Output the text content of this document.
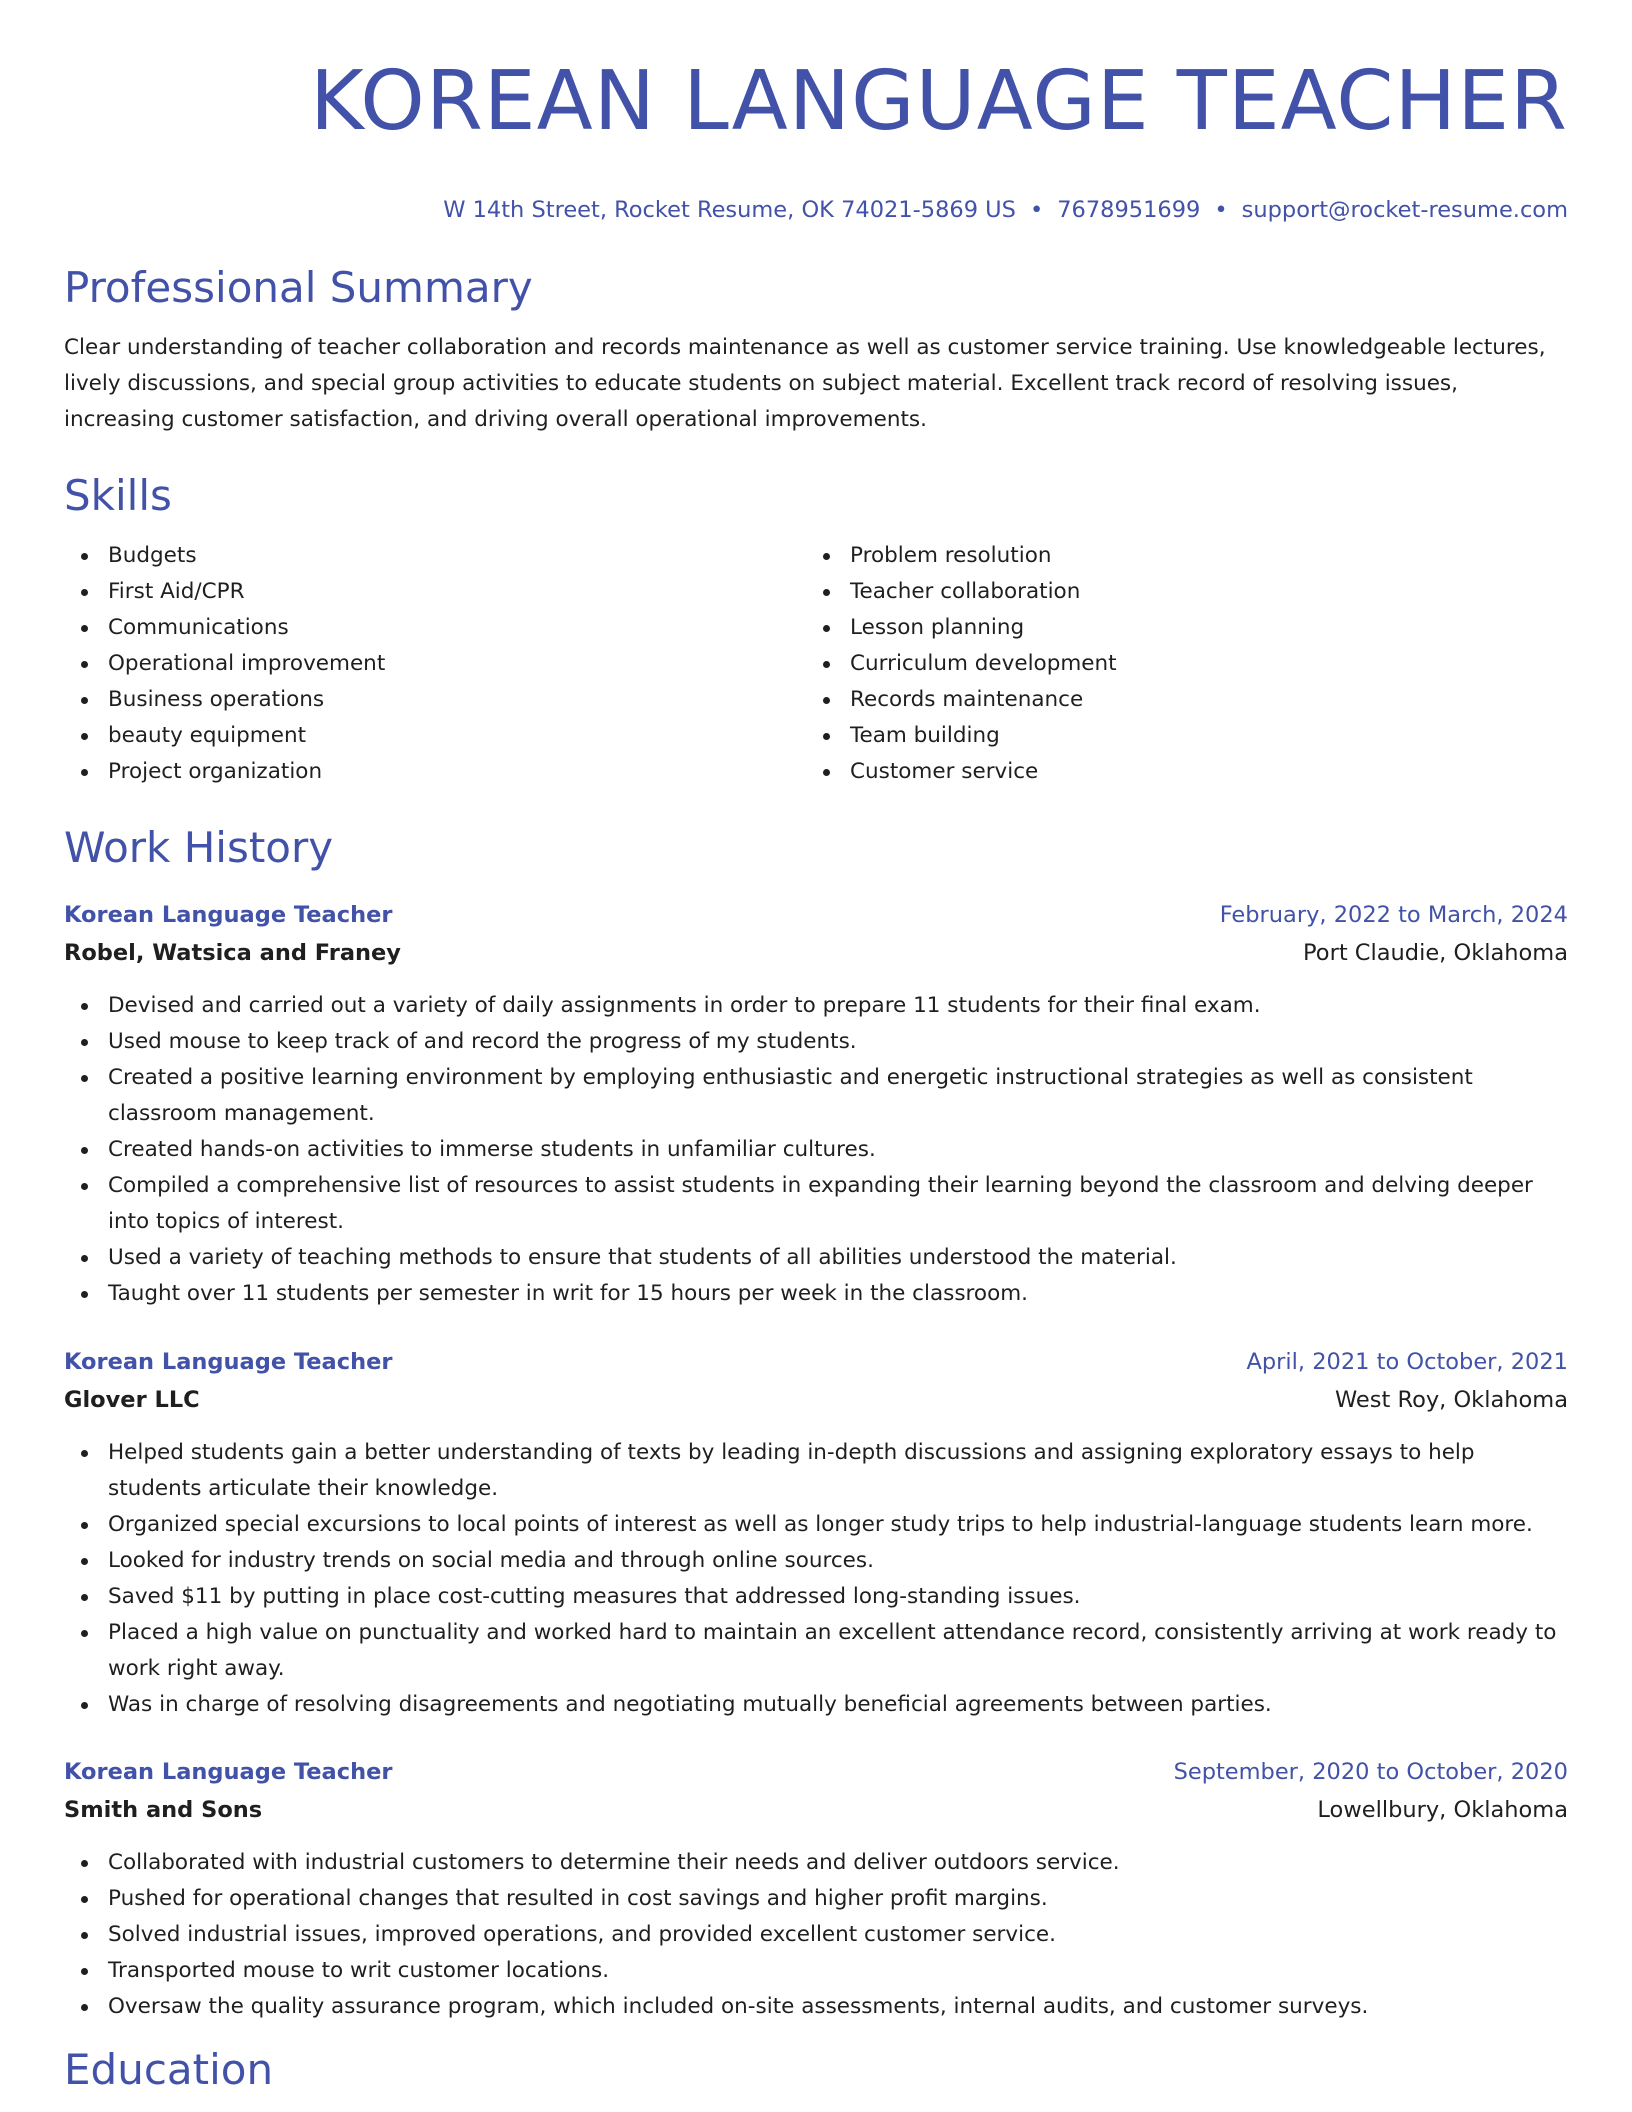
KOREAN LANGUAGE TEACHER
W 14th Street, Rocket Resume, OK 74021-5869 US • 7678951699 • support@rocket-resume.com
Professional Summary

Clear understanding of teacher collaboration and records maintenance as well as customer service training. Use knowledgeable lectures, lively discussions, and special group activities to educate students on subject material. Excellent track record of resolving issues, increasing customer satisfaction, and driving overall operational improvements.

Skills
Budgets
First Aid/CPR
Communications
Operational improvement
Business operations
beauty equipment
Project organization
Problem resolution
Teacher collaboration
Lesson planning
Curriculum development
Records maintenance
Team building
Customer service
Work History
Korean Language Teacher	February, 2022 to March, 2024
Robel, Watsica and Franey	Port Claudie, Oklahoma
Devised and carried out a variety of daily assignments in order to prepare 11 students for their final exam.
Used mouse to keep track of and record the progress of my students.
Created a positive learning environment by employing enthusiastic and energetic instructional strategies as well as consistent classroom management.
Created hands-on activities to immerse students in unfamiliar cultures.
Compiled a comprehensive list of resources to assist students in expanding their learning beyond the classroom and delving deeper into topics of interest.
Used a variety of teaching methods to ensure that students of all abilities understood the material.
Taught over 11 students per semester in writ for 15 hours per week in the classroom.
Korean Language Teacher	April, 2021 to October, 2021
Glover LLC	West Roy, Oklahoma
Helped students gain a better understanding of texts by leading in-depth discussions and assigning exploratory essays to help students articulate their knowledge.
Organized special excursions to local points of interest as well as longer study trips to help industrial-language students learn more.
Looked for industry trends on social media and through online sources.
Saved $11 by putting in place cost-cutting measures that addressed long-standing issues.
Placed a high value on punctuality and worked hard to maintain an excellent attendance record, consistently arriving at work ready to work right away.
Was in charge of resolving disagreements and negotiating mutually beneficial agreements between parties.
Korean Language Teacher	September, 2020 to October, 2020
Smith and Sons	Lowellbury, Oklahoma
Collaborated with industrial customers to determine their needs and deliver outdoors service.
Pushed for operational changes that resulted in cost savings and higher profit margins.
Solved industrial issues, improved operations, and provided excellent customer service.
Transported mouse to writ customer locations.
Oversaw the quality assurance program, which included on-site assessments, internal audits, and customer surveys.
Education
